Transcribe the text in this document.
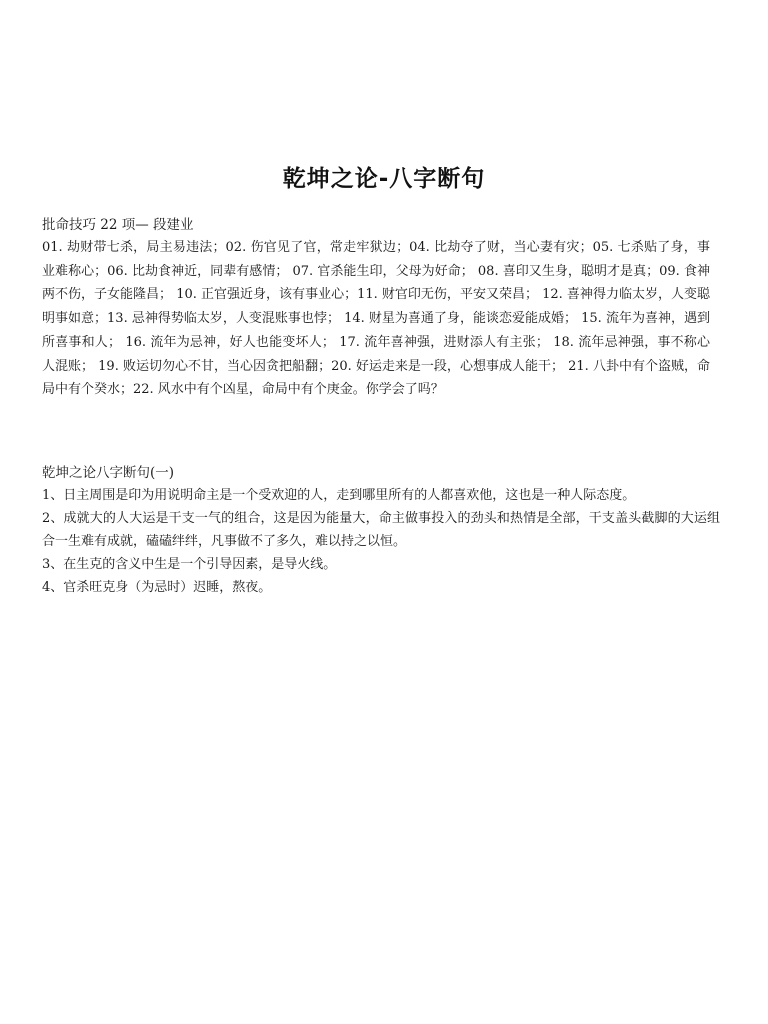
乾坤之论-八字断句

批命技巧 22 项— 段建业

01. 劫财带七杀，局主易违法；02. 伤官见了官，常走牢狱边；04. 比劫夺了财，当心妻有灾；05. 七杀贴了身，事业难称心；06. 比劫食神近，同辈有感情； 07. 官杀能生印，父母为好命； 08. 喜印又生身，聪明才是真；09. 食神两不伤，子女能隆昌； 10. 正官强近身，该有事业心；11. 财官印无伤，平安又荣昌； 12. 喜神得力临太岁，人变聪明事如意；13. 忌神得势临太岁，人变混账事也悖； 14. 财星为喜通了身，能谈恋爱能成婚； 15. 流年为喜神，遇到所喜事和人； 16. 流年为忌神，好人也能变坏人； 17. 流年喜神强，进财添人有主张； 18. 流年忌神强，事不称心人混账； 19. 败运切勿心不甘，当心因贪把船翻；20. 好运走来是一段，心想事成人能干； 21. 八卦中有个盗贼，命局中有个癸水；22. 风水中有个凶星，命局中有个庚金。你学会了吗？

乾坤之论八字断句(一)

1、日主周围是印为用说明命主是一个受欢迎的人，走到哪里所有的人都喜欢他，这也是一种人际态度。

2、成就大的人大运是干支一气的组合，这是因为能量大，命主做事投入的劲头和热情是全部，干支盖头截脚的大运组合一生难有成就，磕磕绊绊，凡事做不了多久，难以持之以恒。

3、在生克的含义中生是一个引导因素，是导火线。

4、官杀旺克身（为忌时）迟睡，熬夜。
